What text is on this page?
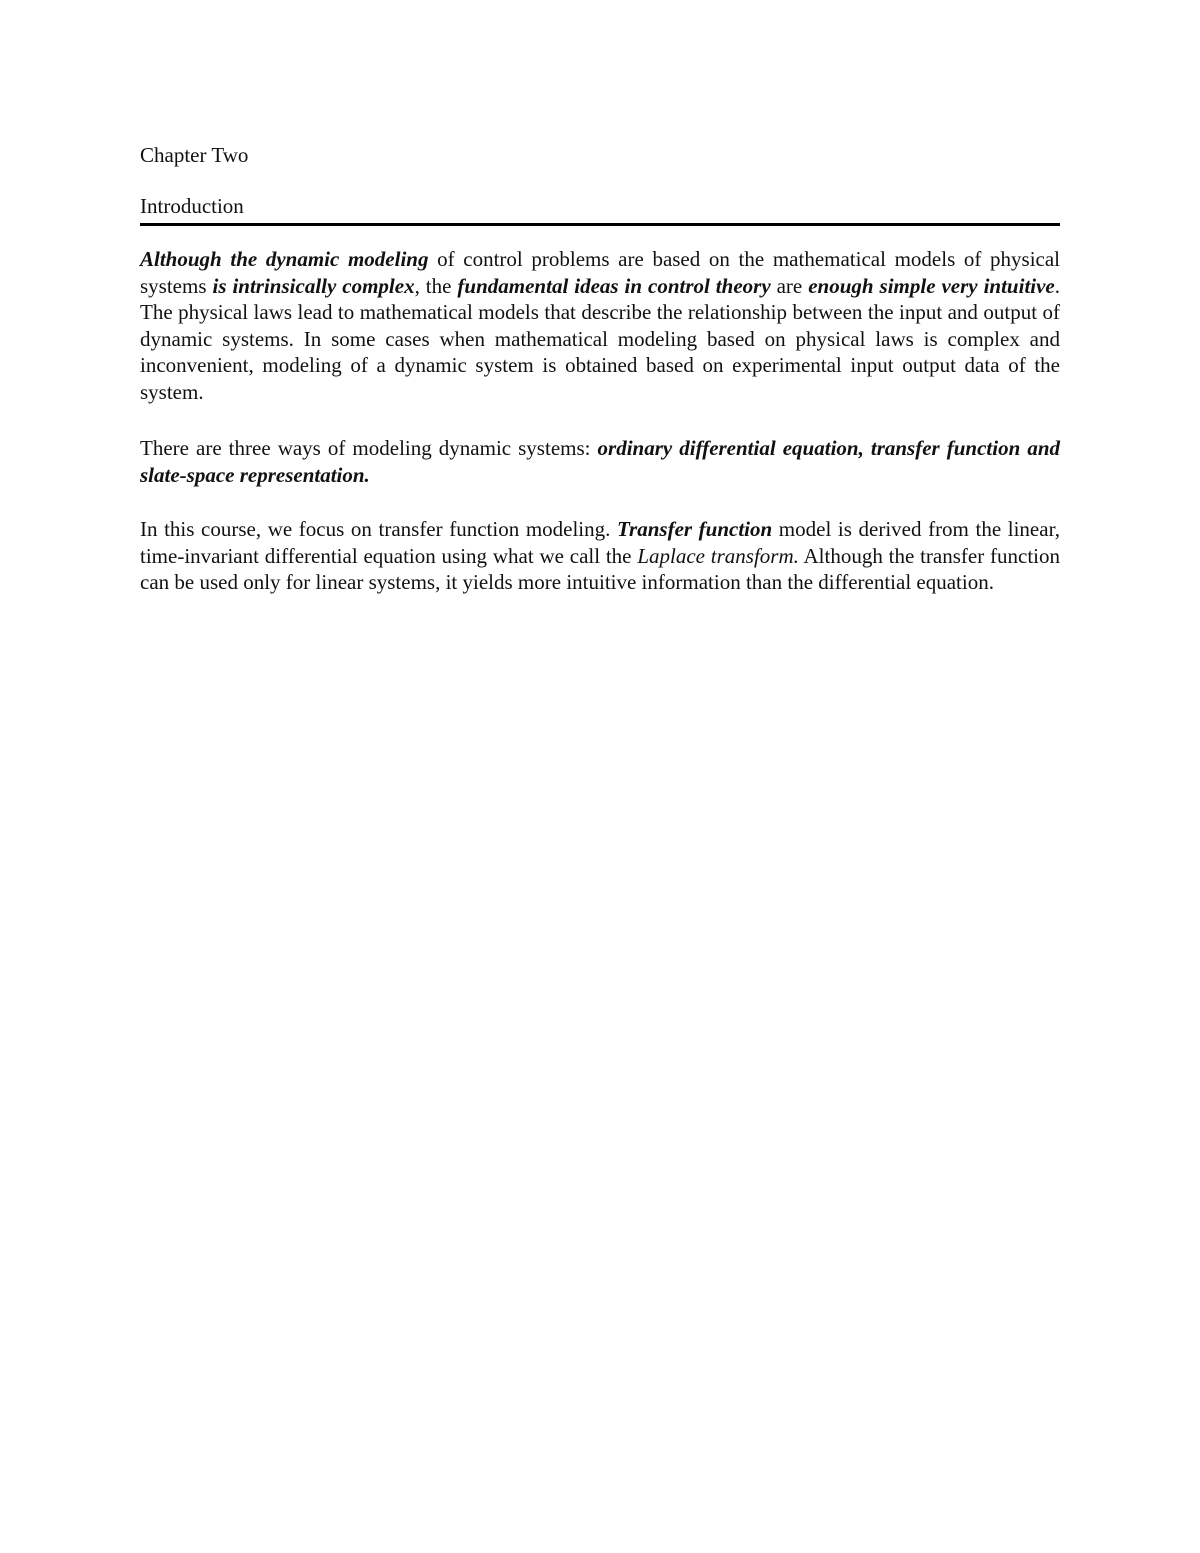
Chapter Two
Introduction

Although the dynamic modeling of control problems are based on the mathematical models of physical systems is intrinsically complex, the fundamental ideas in control theory are enough simple very intuitive. The physical laws lead to mathematical models that describe the relationship between the input and output of dynamic systems. In some cases when mathematical modeling based on physical laws is complex and inconvenient, modeling of a dynamic system is obtained based on experimental input output data of the system.

There are three ways of modeling dynamic systems: ordinary differential equation, transfer function and slate-space representation.

In this course, we focus on transfer function modeling. Transfer function model is derived from the linear, time-invariant differential equation using what we call the Laplace transform. Although the transfer function can be used only for linear systems, it yields more intuitive information than the differential equation.
